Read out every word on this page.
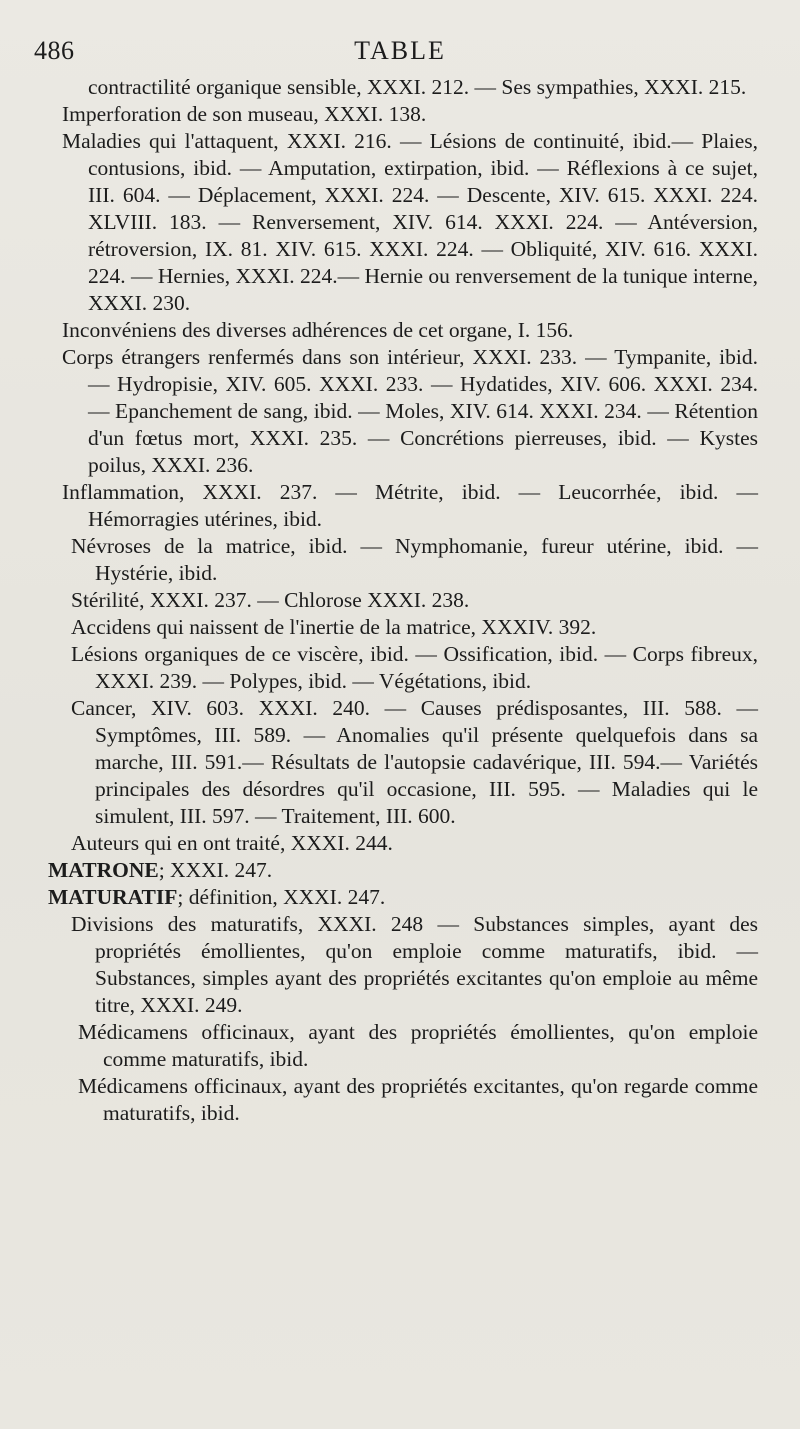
486	TABLE

contractilité organique sensible, XXXI. 212. — Ses sympathies, XXXI. 215.

Imperforation de son museau, XXXI. 138.

Maladies qui l'attaquent, XXXI. 216. — Lésions de continuité, ibid.— Plaies, contusions, ibid. — Amputation, extirpation, ibid. — Réflexions à ce sujet, III. 604. — Déplacement, XXXI. 224. — Descente, XIV. 615. XXXI. 224. XLVIII. 183. — Renversement, XIV. 614. XXXI. 224. — Antéversion, rétroversion, IX. 81. XIV. 615. XXXI. 224. — Obliquité, XIV. 616. XXXI. 224. — Hernies, XXXI. 224.— Hernie ou renversement de la tunique interne, XXXI. 230.

Inconvéniens des diverses adhérences de cet organe, I. 156.

Corps étrangers renfermés dans son intérieur, XXXI. 233. — Tympanite, ibid. — Hydropisie, XIV. 605. XXXI. 233. — Hydatides, XIV. 606. XXXI. 234. — Epanchement de sang, ibid. — Moles, XIV. 614. XXXI. 234. — Rétention d'un fœtus mort, XXXI. 235. — Concrétions pierreuses, ibid. — Kystes poilus, XXXI. 236.

Inflammation, XXXI. 237. — Métrite, ibid. — Leucorrhée, ibid. — Hémorragies utérines, ibid.

Névroses de la matrice, ibid. — Nymphomanie, fureur utérine, ibid. — Hystérie, ibid.

Stérilité, XXXI. 237. — Chlorose XXXI. 238.

Accidens qui naissent de l'inertie de la matrice, XXXIV. 392.

Lésions organiques de ce viscère, ibid. — Ossification, ibid. — Corps fibreux, XXXI. 239. — Polypes, ibid. — Végétations, ibid.

Cancer, XIV. 603. XXXI. 240. — Causes prédisposantes, III. 588. — Symptômes, III. 589. — Anomalies qu'il présente quelquefois dans sa marche, III. 591.— Résultats de l'autopsie cadavérique, III. 594.— Variétés principales des désordres qu'il occasione, III. 595. — Maladies qui le simulent, III. 597. — Traitement, III. 600.

Auteurs qui en ont traité, XXXI. 244.

MATRONE; XXXI. 247.

MATURATIF; définition, XXXI. 247.

Divisions des maturatifs, XXXI. 248 — Substances simples, ayant des propriétés émollientes, qu'on emploie comme maturatifs, ibid. — Substances, simples ayant des propriétés excitantes qu'on emploie au même titre, XXXI. 249.

Médicamens officinaux, ayant des propriétés émollientes, qu'on emploie comme maturatifs, ibid.

Médicamens officinaux, ayant des propriétés excitantes, qu'on regarde comme maturatifs, ibid.
